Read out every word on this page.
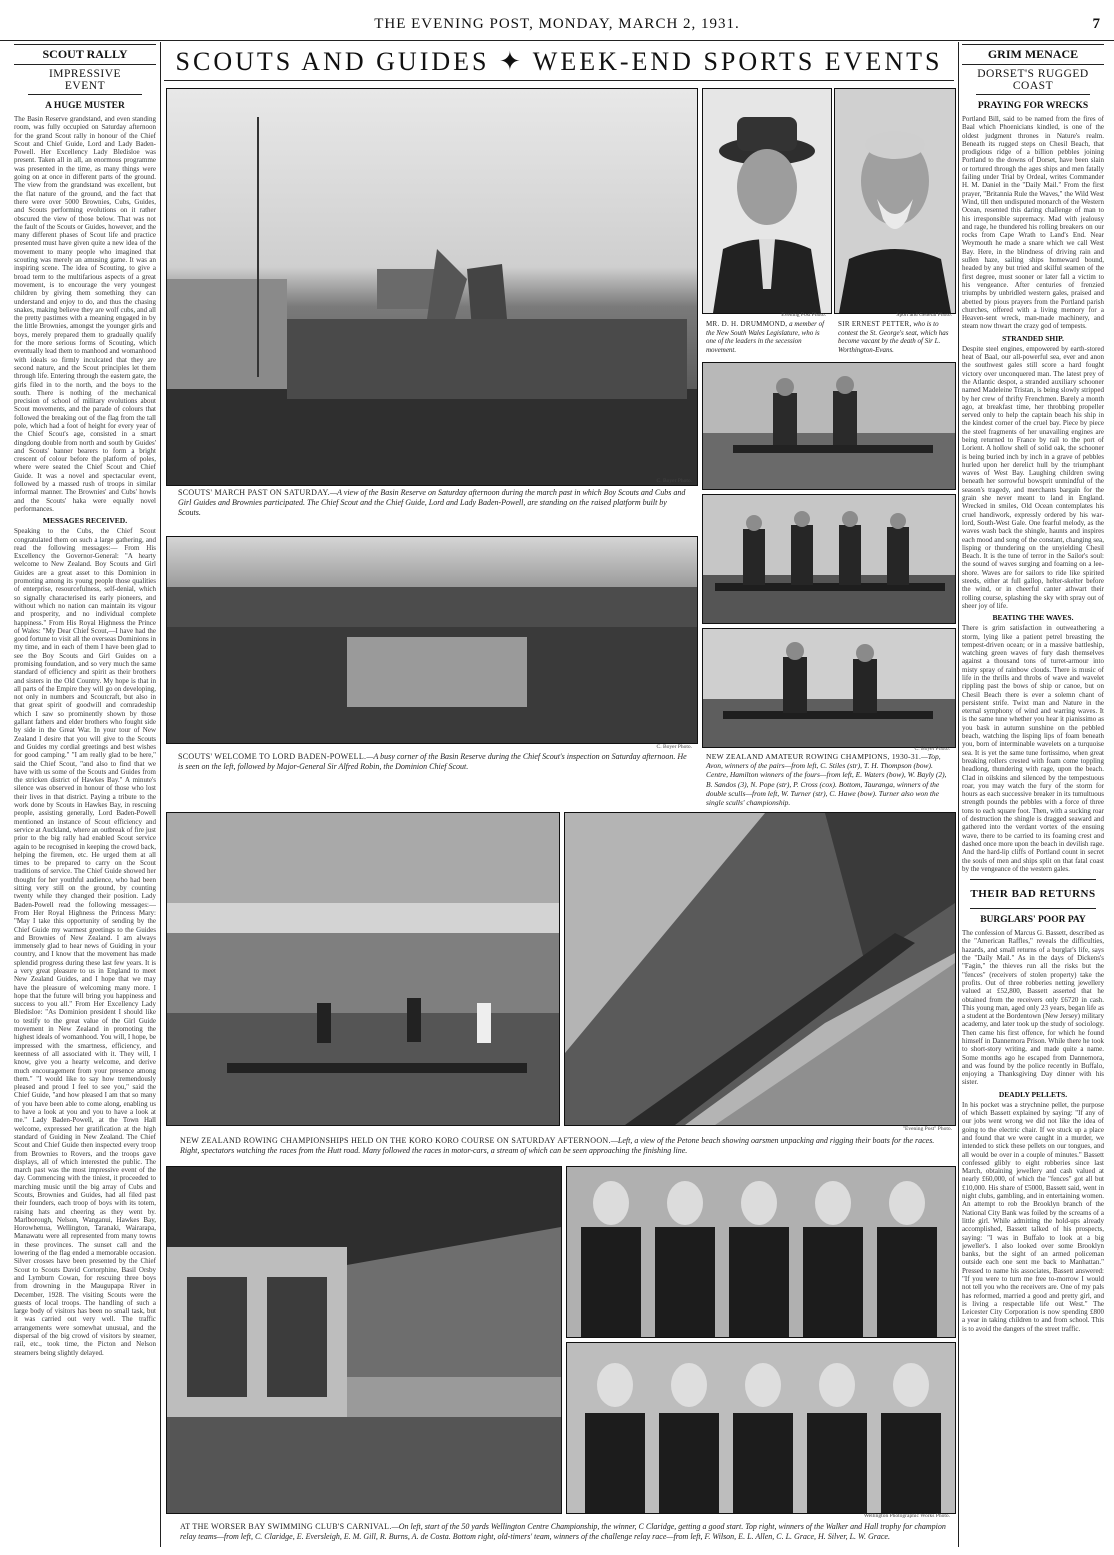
THE EVENING POST, MONDAY, MARCH 2, 1931.	7
SCOUT RALLY
IMPRESSIVE EVENT
A HUGE MUSTER
The Basin Reserve grandstand, and even standing room, was fully occupied on Saturday afternoon for the grand Scout rally in honour of the Chief Scout and Chief Guide, Lord and Lady Baden-Powell. Her Excellency Lady Bledisloe was present. Taken all in all, an enormous programme was presented in the time, as many things were going on at once in different parts of the ground. The view from the grandstand was excellent, but the flat nature of the ground, and the fact that there were over 5000 Brownies, Cubs, Guides, and Scouts performing evolutions on it rather obscured the view of those below. That was not the fault of the Scouts or Guides, however, and the many different phases of Scout life and practice presented must have given quite a new idea of the movement to many people who imagined that scouting was merely an amusing game. It was an inspiring scene. The idea of Scouting, to give a broad term to the multifarious aspects of a great movement, is to encourage the very youngest children by giving them something they can understand and enjoy to do, and thus the chasing snakes, making believe they are wolf cubs, and all the pretty pastimes with a meaning engaged in by the little Brownies, amongst the younger girls and boys, merely prepared them to gradually qualify for the more serious forms of Scouting, which eventually lead them to manhood and womanhood with ideals so firmly inculcated that they are second nature, and the Scout principles let them through life. Entering through the eastern gate, the girls filed in to the north, and the boys to the south. There is nothing of the mechanical precision of school of military evolutions about Scout movements, and the parade of colours that followed the breaking out of the flag from the tall pole, which had a foot of height for every year of the Chief Scout's age, consisted in a smart dingdong double from north and south by Guides' and Scouts' banner bearers to form a bright crescent of colour before the platform of poles, where were seated the Chief Scout and Chief Guide. It was a novel and spectacular event, followed by a massed rush of troops in similar informal manner. The Brownies' and Cubs' howls and the Scouts' haka were equally novel performances.
MESSAGES RECEIVED.
Speaking to the Cubs, the Chief Scout congratulated them on such a large gathering, and read the following messages:— From His Excellency the Governor-General: "A hearty welcome to New Zealand. Boy Scouts and Girl Guides are a great asset to this Dominion in promoting among its young people those qualities of enterprise, resourcefulness, self-denial, which so signally characterised its early pioneers, and without which no nation can maintain its vigour and prosperity, and no individual complete happiness." From His Royal Highness the Prince of Wales: "My Dear Chief Scout,—I have had the good fortune to visit all the overseas Dominions in my time, and in each of them I have been glad to see the Boy Scouts and Girl Guides on a promising foundation, and so very much the same standard of efficiency and spirit as their brothers and sisters in the Old Country. My hope is that in all parts of the Empire they will go on developing, not only in numbers and Scoutcraft, but also in that great spirit of goodwill and comradeship which I saw so prominently shown by those gallant fathers and elder brothers who fought side by side in the Great War. In your tour of New Zealand I desire that you will give to the Scouts and Guides my cordial greetings and best wishes for good camping." "I am really glad to be here," said the Chief Scout, "and also to find that we have with us some of the Scouts and Guides from the stricken district of Hawkes Bay." A minute's silence was observed in honour of those who lost their lives in that district. Paying a tribute to the work done by Scouts in Hawkes Bay, in rescuing people, assisting generally, Lord Baden-Powell mentioned an instance of Scout efficiency and service at Auckland, where an outbreak of fire just prior to the big rally had enabled Scout service again to be recognised in keeping the crowd back, helping the firemen, etc. He urged them at all times to be prepared to carry on the Scout traditions of service. The Chief Guide showed her thought for her youthful audience, who had been sitting very still on the ground, by counting twenty while they changed their position. Lady Baden-Powell read the following messages:— From Her Royal Highness the Princess Mary: "May I take this opportunity of sending by the Chief Guide my warmest greetings to the Guides and Brownies of New Zealand. I am always immensely glad to hear news of Guiding in your country, and I know that the movement has made splendid progress during these last few years. It is a very great pleasure to us in England to meet New Zealand Guides, and I hope that we may have the pleasure of welcoming many more. I hope that the future will bring you happiness and success to you all." From Her Excellency Lady Bledisloe: "As Dominion president I should like to testify to the great value of the Girl Guide movement in New Zealand in promoting the highest ideals of womanhood. You will, I hope, be impressed with the smartness, efficiency, and keenness of all associated with it. They will, I know, give you a hearty welcome, and derive much encouragement from your presence among them." "I would like to say how tremendously pleased and proud I feel to see you," said the Chief Guide, "and how pleased I am that so many of you have been able to come along, enabling us to have a look at you and you to have a look at me." Lady Baden-Powell, at the Town Hall welcome, expressed her gratification at the high standard of Guiding in New Zealand. The Chief Scout and Chief Guide then inspected every troop from Brownies to Rovers, and the troops gave displays, all of which interested the public. The march past was the most impressive event of the day. Commencing with the tiniest, it proceeded to marching music until the big array of Cubs and Scouts, Brownies and Guides, had all filed past their founders, each troop of boys with its totem, raising hats and cheering as they went by. Marlborough, Nelson, Wanganui, Hawkes Bay, Horowhenua, Wellington, Taranaki, Wairarapa, Manawatu were all represented from many towns in these provinces. The sunset call and the lowering of the flag ended a memorable occasion. Silver crosses have been presented by the Chief Scout to Scouts David Cortorphine, Basil Orsby and Lymburn Cowan, for rescuing three boys from drowning in the Maugupapa River in December, 1928. The visiting Scouts were the guests of local troops. The handling of such a large body of visitors has been no small task, but it was carried out very well. The traffic arrangements were somewhat unusual, and the dispersal of the big crowd of visitors by steamer, rail, etc., took time, the Picton and Nelson steamers being slightly delayed.
GRIM MENACE
DORSET'S RUGGED COAST
PRAYING FOR WRECKS
Portland Bill, said to be named from the fires of Baal which Phoenicians kindled, is one of the oldest judgment thrones in Nature's realm. Beneath its rugged steps on Chesil Beach, that prodigious ridge of a billion pebbles joining Portland to the downs of Dorset, have been slain or tortured through the ages ships and men fatally failing under Trial by Ordeal, writes Commander H. M. Daniel in the "Daily Mail." From the first prayer, "Britannia Rule the Waves," the Wild West Wind, till then undisputed monarch of the Western Ocean, resented this daring challenge of man to his irresponsible supremacy. Mad with jealousy and rage, he thundered his rolling breakers on our rocks from Cape Wrath to Land's End. Near Weymouth he made a snare which we call West Bay. Here, in the blindness of driving rain and sullen haze, sailing ships homeward bound, headed by any but tried and skilful seamen of the first degree, must sooner or later fall a victim to his vengeance. After centuries of frenzied triumphs by unbridled western gales, praised and abetted by pious prayers from the Portland parish churches, offered with a living memory for a Heaven-sent wreck, man-made machinery, and steam now thwart the crazy god of tempests.
STRANDED SHIP.
Despite steel engines, empowered by earth-stored heat of Baal, our all-powerful sea, ever and anon the southwest gales still score a hard fought victory over unconquered man. The latest prey of the Atlantic despot, a stranded auxiliary schooner named Madeleine Tristan, is being slowly stripped by her crew of thrifty Frenchmen. Barely a month ago, at breakfast time, her throbbing propeller served only to help the captain beach his ship in the kindest corner of the cruel bay. Piece by piece the steel fragments of her unavailing engines are being returned to France by rail to the port of Lorient. A hollow shell of solid oak, the schooner is being buried inch by inch in a grave of pebbles hurled upon her derelict hull by the triumphant waves of West Bay. Laughing children swing beneath her sorrowful bowsprit unmindful of the season's tragedy, and merchants bargain for the grain she never meant to land in England. Wrecked in smiles, Old Ocean contemplates his cruel handiwork, expressly ordered by his war-lord, South-West Gale. One fearful melody, as the waves wash back the shingle, haunts and inspires each mood and song of the constant, changing sea, lisping or thundering on the unyielding Chesil Beach. It is the tune of terror in the Sailor's soul: the sound of waves surging and foaming on a lee-shore. Waves are for sailors to ride like spirited steeds, either at full gallop, helter-skelter before the wind, or in cheerful canter athwart their rolling course, splashing the sky with spray out of sheer joy of life.
BEATING THE WAVES.
There is grim satisfaction in outweathering a storm, lying like a patient petrel breasting the tempest-driven ocean; or in a massive battleship, watching green waves of fury dash themselves against a thousand tons of turret-armour into misty spray of rainbow clouds. There is music of life in the thrills and throbs of wave and wavelet rippling past the bows of ship or canoe, but on Chesil Beach there is ever a solemn chant of persistent strife. Twixt man and Nature in the eternal symphony of wind and warring waves. It is the same tune whether you hear it pianissimo as you bask in autumn sunshine on the pebbled beach, watching the lisping lips of foam beneath you, born of interminable wavelets on a turquoise sea. It is yet the same tune fortissimo, when great breaking rollers crested with foam come toppling headlong, thundering with rage, upon the beach. Clad in oilskins and silenced by the tempestuous roar, you may watch the fury of the storm for hours as each successive breaker in its tumultuous strength pounds the pebbles with a force of three tons to each square foot. Then, with a sucking roar of destruction the shingle is dragged seaward and gathered into the verdant vortex of the ensuing wave, there to be carried to its foaming crest and dashed once more upon the beach in devilish rage. And the hard-lip cliffs of Portland count in secret the souls of men and ships split on that fatal coast by the vengeance of the western gales.
THEIR BAD RETURNS
BURGLARS' POOR PAY
The confession of Marcus G. Bassett, described as the "American Raffles," reveals the difficulties, hazards, and small returns of a burglar's life, says the "Daily Mail." As in the days of Dickens's "Fagin," the thieves run all the risks but the "fences" (receivers of stolen property) take the profits. Out of three robberies netting jewellery valued at £52,800, Bassett asserted that he obtained from the receivers only £6720 in cash. This young man, aged only 23 years, began life as a student at the Bordentown (New Jersey) military academy, and later took up the study of sociology. Then came his first offence, for which he found himself in Dannemora Prison. While there he took to short-story writing, and made quite a name. Some months ago he escaped from Dannemora, and was found by the police recently in Buffalo, enjoying a Thanksgiving Day dinner with his sister.
DEADLY PELLETS.
In his pocket was a strychnine pellet, the purpose of which Bassett explained by saying: "If any of our jobs went wrong we did not like the idea of going to the electric chair. If we stuck up a place and found that we were caught in a murder, we intended to stick these pellets on our tongues, and all would be over in a couple of minutes." Bassett confessed glibly to eight robberies since last March, obtaining jewellery and cash valued at nearly £60,000, of which the "fences" got all but £10,000. His share of £5000, Bassett said, went in night clubs, gambling, and in entertaining women. An attempt to rob the Brooklyn branch of the National City Bank was foiled by the screams of a little girl. While admitting the hold-ups already accomplished, Bassett talked of his prospects, saying: "I was in Buffalo to look at a big jeweller's. I also looked over some Brooklyn banks, but the sight of an armed policeman outside each one sent me back to Manhattan." Pressed to name his associates, Bassett answered: "If you were to turn me free to-morrow I would not tell you who the receivers are. One of my pals has reformed, married a good and pretty girl, and is living a respectable life out West." The Leicester City Corporation is now spending £800 a year in taking children to and from school. This is to avoid the dangers of the street traffic.
SCOUTS AND GUIDES ✦ WEEK-END SPORTS EVENTS
C. Boyer Photo.
SCOUTS' MARCH PAST ON SATURDAY.—A view of the Basin Reserve on Saturday afternoon during the march past in which Boy Scouts and Cubs and Girl Guides and Brownies participated. The Chief Scout and the Chief Guide, Lord and Lady Baden-Powell, are standing on the raised platform built by Scouts.
C. Boyer Photo.
SCOUTS' WELCOME TO LORD BADEN-POWELL.—A busy corner of the Basin Reserve during the Chief Scout's inspection on Saturday afternoon. He is seen on the left, followed by Major-General Sir Alfred Robin, the Dominion Chief Scout.
Evening Post Photo.	Sport and General Photo.
MR. D. H. DRUMMOND, a member of the New South Wales Legislature, who is one of the leaders in the secession movement.
SIR ERNEST PETTER, who is to contest the St. George's seat, which has become vacant by the death of Sir L. Worthington-Evans.
C. Boyer Photo.
NEW ZEALAND AMATEUR ROWING CHAMPIONS, 1930-31.—Top, Avon, winners of the pairs—from left, C. Stiles (str), T. H. Thompson (bow). Centre, Hamilton winners of the fours—from left, E. Waters (bow), W. Bayly (2), B. Sandos (3), N. Pope (str), P. Cross (cox). Bottom, Tauranga, winners of the double sculls—from left, W. Turner (str), C. Hawe (bow). Turner also won the single sculls' championship.
"Evening Post" Photo.
NEW ZEALAND ROWING CHAMPIONSHIPS HELD ON THE KORO KORO COURSE ON SATURDAY AFTERNOON.—Left, a view of the Petone beach showing oarsmen unpacking and rigging their boats for the races. Right, spectators watching the races from the Hutt road. Many followed the races in motor-cars, a stream of which can be seen approaching the finishing line.
Wellington Photographic Works Photo.
AT THE WORSER BAY SWIMMING CLUB'S CARNIVAL.—On left, start of the 50 yards Wellington Centre Championship, the winner, C Claridge, getting a good start. Top right, winners of the Walker and Hall trophy for champion relay teams—from left, C. Claridge, E. Eversleigh, E. M. Gill, R. Burns, A. de Costa. Bottom right, old-timers' team, winners of the challenge relay race—from left, F. Wilson, E. L. Allen, C. L. Grace, H. Silver, L. W. Grace.
